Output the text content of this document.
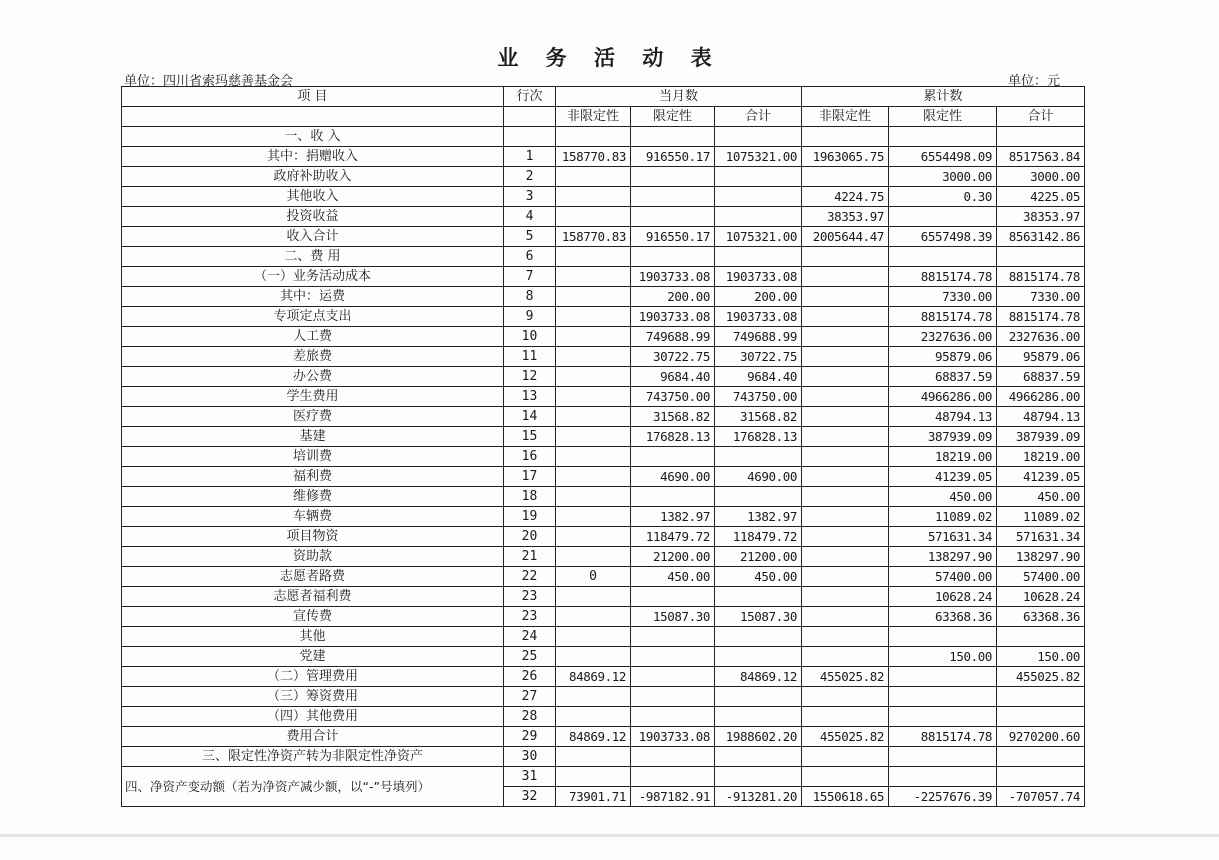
业 务 活 动 表
单位：四川省索玛慈善基金会	单位：元
项 目	行次	当月数			累计数		
		非限定性	限定性	合计	非限定性	限定性	合计
一、收 入							
其中：捐赠收入	1	158770.83	916550.17	1075321.00	1963065.75	6554498.09	8517563.84
政府补助收入	2					3000.00	3000.00
其他收入	3				4224.75	0.30	4225.05
投资收益	4				38353.97		38353.97
收入合计	5	158770.83	916550.17	1075321.00	2005644.47	6557498.39	8563142.86
二、费 用	6						
（一）业务活动成本	7		1903733.08	1903733.08		8815174.78	8815174.78
其中：运费	8		200.00	200.00		7330.00	7330.00
专项定点支出	9		1903733.08	1903733.08		8815174.78	8815174.78
人工费	10		749688.99	749688.99		2327636.00	2327636.00
差旅费	11		30722.75	30722.75		95879.06	95879.06
办公费	12		9684.40	9684.40		68837.59	68837.59
学生费用	13		743750.00	743750.00		4966286.00	4966286.00
医疗费	14		31568.82	31568.82		48794.13	48794.13
基建	15		176828.13	176828.13		387939.09	387939.09
培训费	16					18219.00	18219.00
福利费	17		4690.00	4690.00		41239.05	41239.05
维修费	18					450.00	450.00
车辆费	19		1382.97	1382.97		11089.02	11089.02
项目物资	20		118479.72	118479.72		571631.34	571631.34
资助款	21		21200.00	21200.00		138297.90	138297.90
志愿者路费	22	0	450.00	450.00		57400.00	57400.00
志愿者福利费	23					10628.24	10628.24
宣传费	23		15087.30	15087.30		63368.36	63368.36
其他	24						
党建	25					150.00	150.00
（二）管理费用	26	84869.12		84869.12	455025.82		455025.82
（三）筹资费用	27						
（四）其他费用	28						
费用合计	29	84869.12	1903733.08	1988602.20	455025.82	8815174.78	9270200.60
三、限定性净资产转为非限定性净资产	30						
四、净资产变动额（若为净资产减少额，以“-”号填列）	31						
	32	73901.71	-987182.91	-913281.20	1550618.65	-2257676.39	-707057.74
